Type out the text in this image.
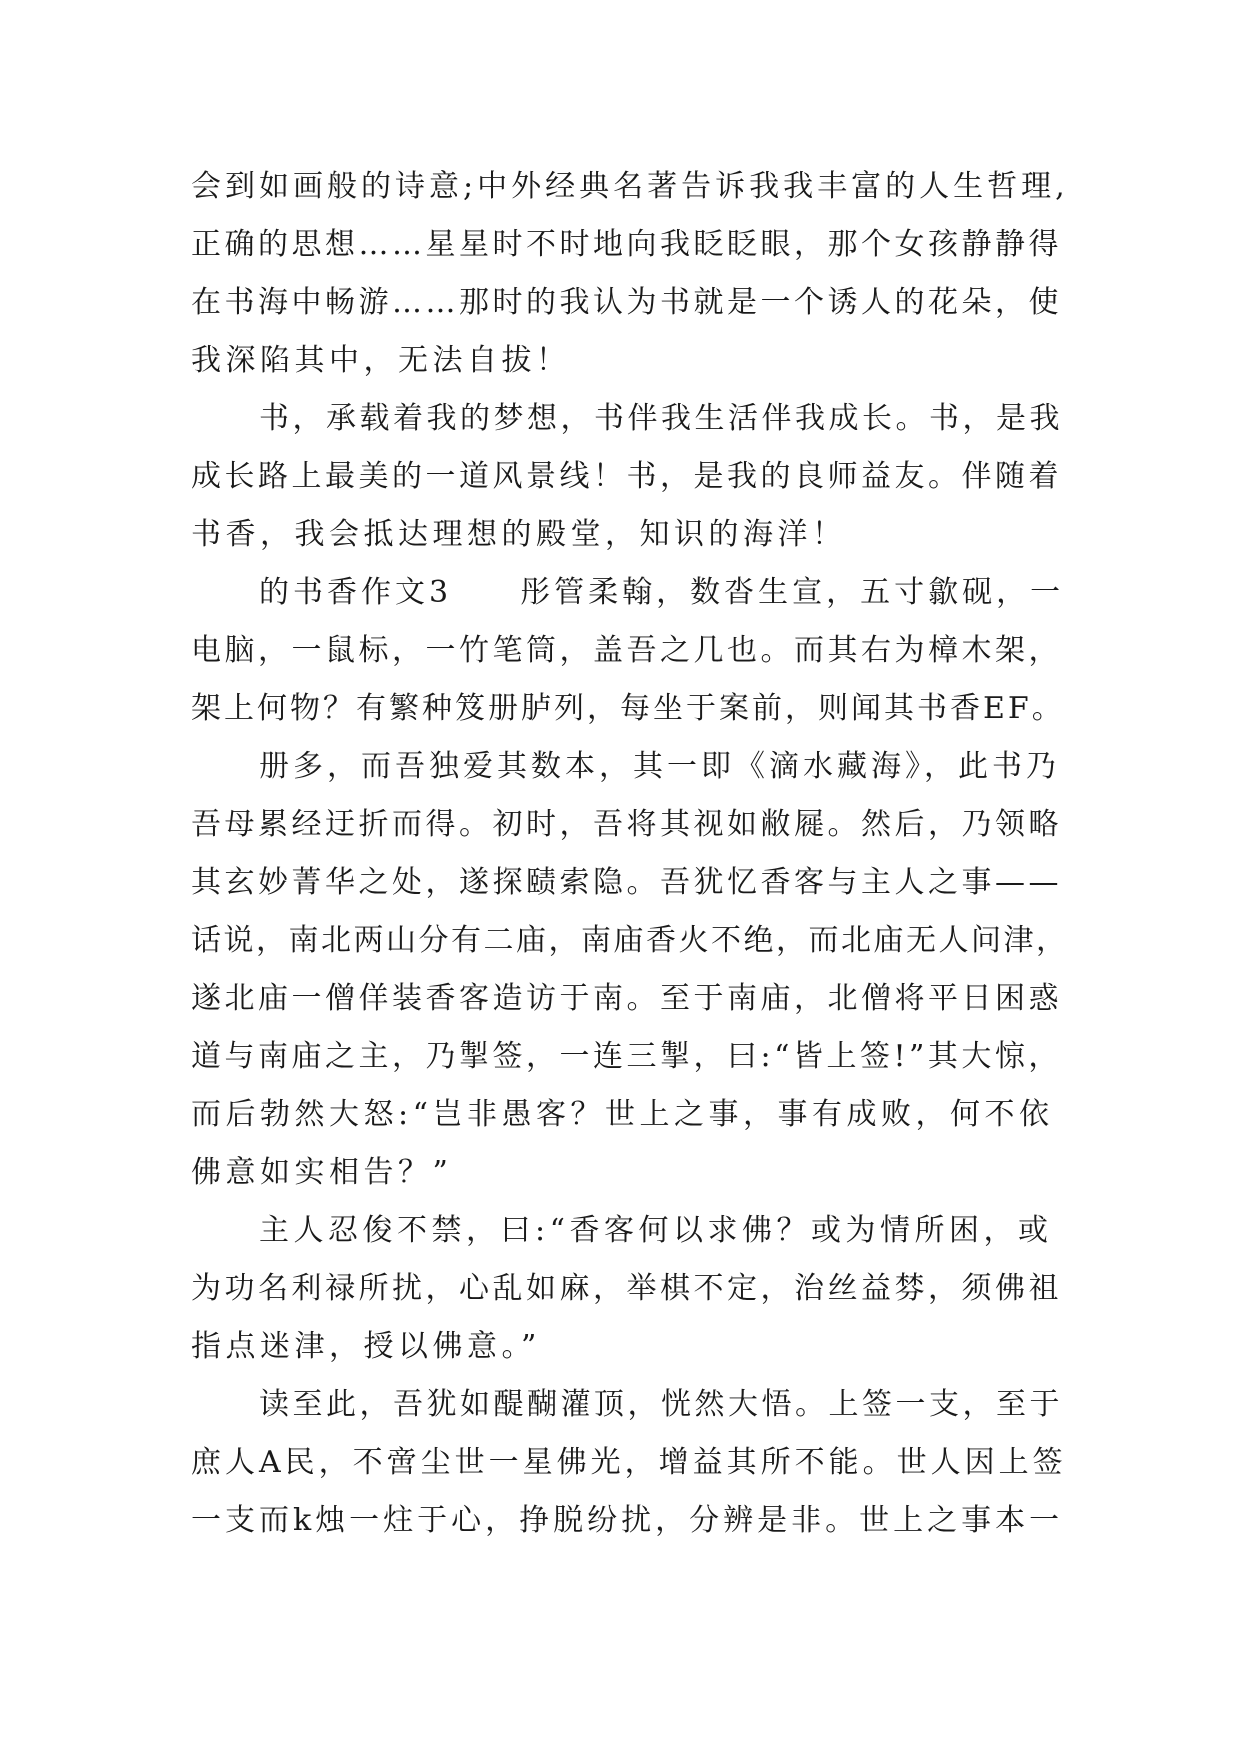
会到如画般的诗意;中外经典名著告诉我我丰富的人生哲理,
正确的思想……星星时不时地向我眨眨眼，那个女孩静静得
在书海中畅游……那时的我认为书就是一个诱人的花朵，使
我深陷其中，无法自拔！
书，承载着我的梦想，书伴我生活伴我成长。书，是我
成长路上最美的一道风景线！书，是我的良师益友。伴随着
书香，我会抵达理想的殿堂，知识的海洋！
的书香作文3　　彤管柔翰，数沓生宣，五寸歙砚，一
电脑，一鼠标，一竹笔筒，盖吾之几也。而其右为樟木架，
架上何物？有繁种笈册胪列，每坐于案前，则闻其书香EF。
册多，而吾独爱其数本，其一即《滴水藏海》，此书乃
吾母累经迂折而得。初时，吾将其视如敝屣。然后，乃领略
其玄妙菁华之处，遂探赜索隐。吾犹忆香客与主人之事——
话说，南北两山分有二庙，南庙香火不绝，而北庙无人问津，
遂北庙一僧佯装香客造访于南。至于南庙，北僧将平日困惑
道与南庙之主，乃掣签，一连三掣，曰:“皆上签!”其大惊，
而后勃然大怒:“岂非愚客？世上之事，事有成败，何不依
佛意如实相告？”
主人忍俊不禁，曰:“香客何以求佛？或为情所困，或
为功名利禄所扰，心乱如麻，举棋不定，治丝益棼，须佛祖
指点迷津，授以佛意。”
读至此，吾犹如醍醐灌顶，恍然大悟。上签一支，至于
庶人A民，不啻尘世一星佛光，增益其所不能。世人因上签
一支而k烛一炷于心，挣脱纷扰，分辨是非。世上之事本一
